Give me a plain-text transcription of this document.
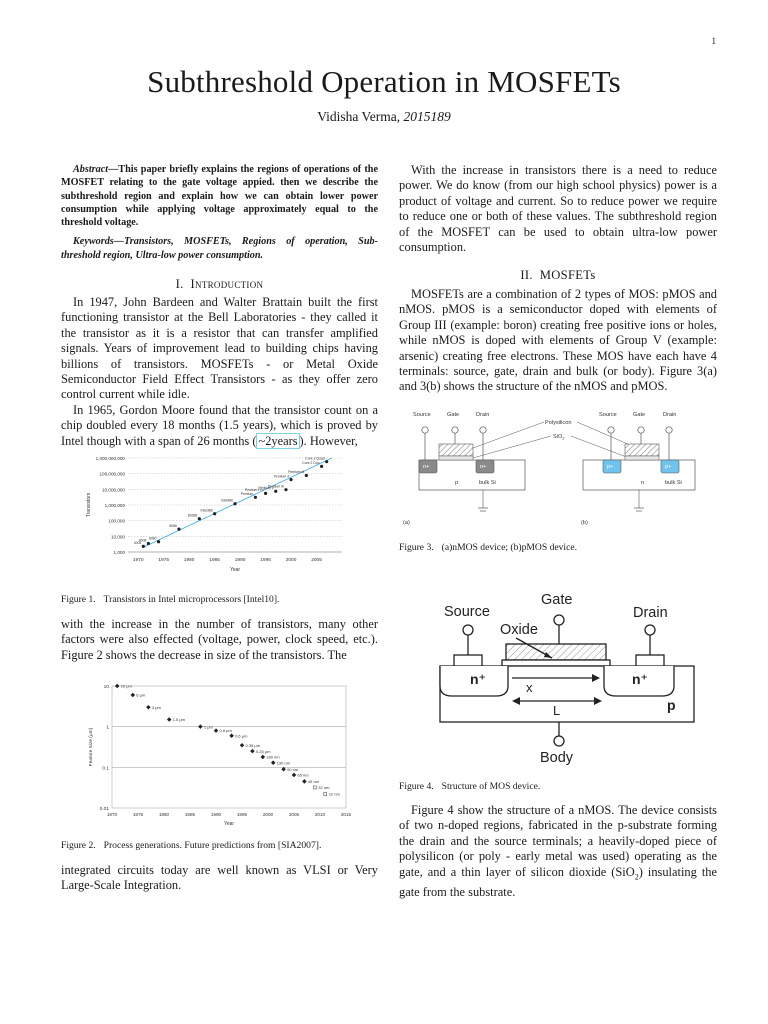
1
Subthreshold Operation in MOSFETs
Vidisha Verma, 2015189

Abstract—This paper briefly explains the regions of operations of the MOSFET relating to the gate voltage appied. then we describe the subthreshold region and explain how we can obtain lower power consumption while applying voltage approximately equal to the threshold voltage.

Keywords—Transistors, MOSFETs, Regions of operation, Sub-threshold region, Ultra-low power consumption.

I. Introduction

In 1947, John Bardeen and Walter Brattain built the first functioning transistor at the Bell Laboratories - they called it the transistor as it is a resistor that can transfer amplified signals. Years of improvement lead to building chips having billions of transistors. MOSFETs - or Metal Oxide Semiconductor Field Effect Transistors - as they offer zero control current while idle.

In 1965, Gordon Moore found that the transistor count on a chip doubled every 18 months (1.5 years), which is proved by Intel though with a span of 26 months ( ~2years ). However,

1,000
10,000
100,000
1,000,000
10,000,000
100,000,000
1,000,000,000
1970	1975	1980	1985	1990	1995	2000	2005
Year
Transistors
4004
8008 8080
8086
80286
Intel386
Intel486
Pentium
Pentium Pro
Pentium II
Pentium III
Pentium 4
Pentium M
Core 2 Duo
Core 2 Quad
Figure 1. Transistors in Intel microprocessors [Intel10].

with the increase in the number of transistors, many other factors were also effected (voltage, power, clock speed, etc.). Figure 2 shows the decrease in size of the transistors. The

0.01
0.1
1
10
1970	1975	1980	1985	1990	1995	2000	2005	2010	2015
Year
Feature Size (μm)
10 μm
6 μm
3 μm
1.5 μm
1 μm
0.8 μm
0.6 μm
0.35 μm
0.25 μm
180 nm
130 nm
90 nm
65 nm
45 nm
32 nm
22 nm
Figure 2. Process generations. Future predictions from [SIA2007].

integrated circuits today are well known as VLSI or Very Large-Scale Integration.

With the increase in transistors there is a need to reduce power. We do know (from our high school physics) power is a product of voltage and current. So to reduce power we require to reduce one or both of these values. The subthreshold region of the MOSFET can be used to obtain ultra-low power consumption.

II. MOSFETs

MOSFETs are a combination of 2 types of MOS: pMOS and nMOS. pMOS is a semiconductor doped with elements of Group III (example: boron) creating free positive ions or holes, while nMOS is doped with elements of Group V (example: arsenic) creating free electrons. These MOS have each have 4 terminals: source, gate, drain and bulk (or body). Figure 3(a) and 3(b) shows the structure of the nMOS and pMOS.

Source	Gate	Drain
n+	n+
p	bulk Si
(a)
Polysilicon
SiO$_2$
Source	Gate	Drain
p+	p+
n	bulk Si
(b)
Figure 3. (a)nMOS device; (b)pMOS device.
Source
Gate
Drain
Oxide
n⁺	n⁺
x
L	p
Body
Figure 4. Structure of MOS device.

Figure 4 show the structure of a nMOS. The device consists of two n-doped regions, fabricated in the p-substrate forming the drain and the source terminals; a heavily-doped piece of polysilicon (or poly - early metal was used) operating as the gate, and a thin layer of silicon dioxide (SiO$_2$) insulating the gate from the substrate.
